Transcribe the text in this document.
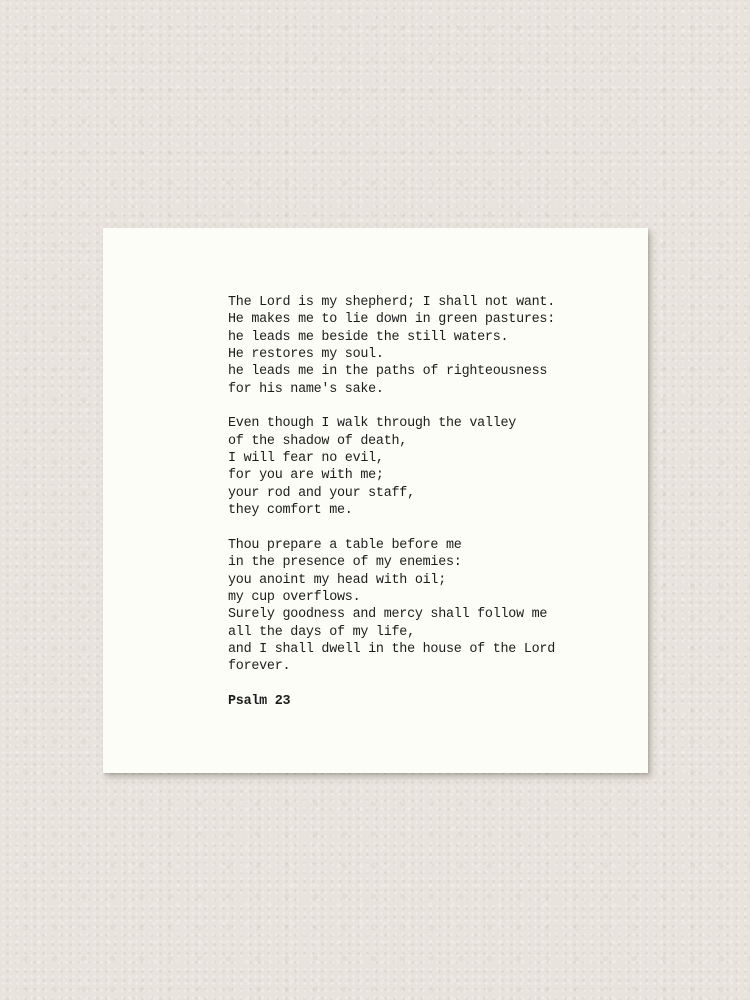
The Lord is my shepherd; I shall not want.
He makes me to lie down in green pastures:
he leads me beside the still waters.
He restores my soul.
he leads me in the paths of righteousness
for his name's sake.
Even though I walk through the valley
of the shadow of death,
I will fear no evil,
for you are with me;
your rod and your staff,
they comfort me.
Thou prepare a table before me
in the presence of my enemies:
you anoint my head with oil;
my cup overflows.
Surely goodness and mercy shall follow me
all the days of my life,
and I shall dwell in the house of the Lord
forever.
Psalm 23
